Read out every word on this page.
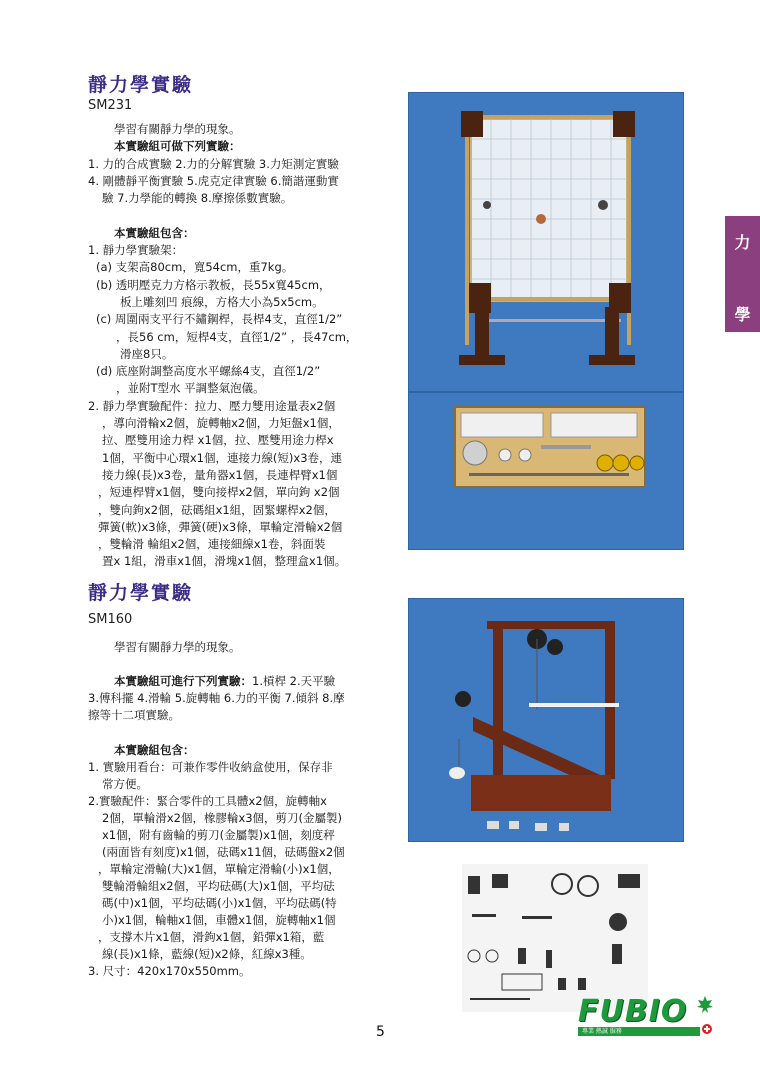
靜力學實驗
SM231
學習有關靜力學的現象。
本實驗組可做下列實驗：
1. 力的合成實驗 2.力的分解實驗 3.力矩測定實驗
4. 剛體靜平衡實驗 5.虎克定律實驗 6.簡諧運動實
驗 7.力學能的轉換 8.摩擦係數實驗。
本實驗組包含：
1. 靜力學實驗架：
(a) 支架高80cm，寬54cm，重7kg。
(b) 透明壓克力方格示教板，長55x寬45cm，
板上雕刻凹 痕線，方格大小為5x5cm。
(c) 周圍兩支平行不鏽鋼桿，長桿4支，直徑1/2”
，長56 cm，短桿4支，直徑1/2” ，長47cm，
滑座8只。
(d) 底座附調整高度水平螺絲4支，直徑1/2”
，並附T型水 平調整氣泡儀。
2. 靜力學實驗配件：拉力、壓力雙用途量表x2個
，導向滑輪x2個，旋轉軸x2個，力矩盤x1個，
拉、壓雙用途力桿 x1個，拉、壓雙用途力桿x
1個，平衡中心環x1個，連接力線(短)x3卷，連
接力線(長)x3卷，量角器x1個，長連桿臂x1個
，短連桿臂x1個，雙向接桿x2個，單向鉤 x2個
，雙向鉤x2個，砝碼組x1組，固緊螺桿x2個，
彈簧(軟)x3條，彈簧(硬)x3條，單輪定滑輪x2個
，雙輪滑 輪組x2個，連接細線x1卷，斜面裝
置x 1組，滑車x1個，滑塊x1個，整理盒x1個。
靜力學實驗
SM160
學習有關靜力學的現象。
本實驗組可進行下列實驗：1.槓桿 2.天平驗
3.傅科擺 4.滑輪 5.旋轉軸 6.力的平衡 7.傾斜 8.摩
擦等十二項實驗。
本實驗組包含：
1. 實驗用看台：可兼作零件收納盒使用，保存非
常方便。
2.實驗配件：緊合零件的工具體x2個，旋轉軸x
2個，單輪滑x2個，橡膠輪x3個，剪刀(金屬製)
x1個，附有齒輪的剪刀(金屬製)x1個，刻度秤
(兩面皆有刻度)x1個，砝碼x11個，砝碼盤x2個
，單輪定滑輪(大)x1個，單輪定滑輪(小)x1個，
雙輪滑輪組x2個，平均砝碼(大)x1個，平均砝
碼(中)x1個，平均砝碼(小)x1個，平均砝碼(特
小)x1個，輪軸x1個，車體x1個，旋轉軸x1個
，支撐木片x1個，滑鉤x1個，鉛彈x1箱，藍
線(長)x1條，藍線(短)x2條，紅線x3種。
3. 尺寸：420x170x550mm。
力
學
5
FUBIO
專業 熱誠 服務
